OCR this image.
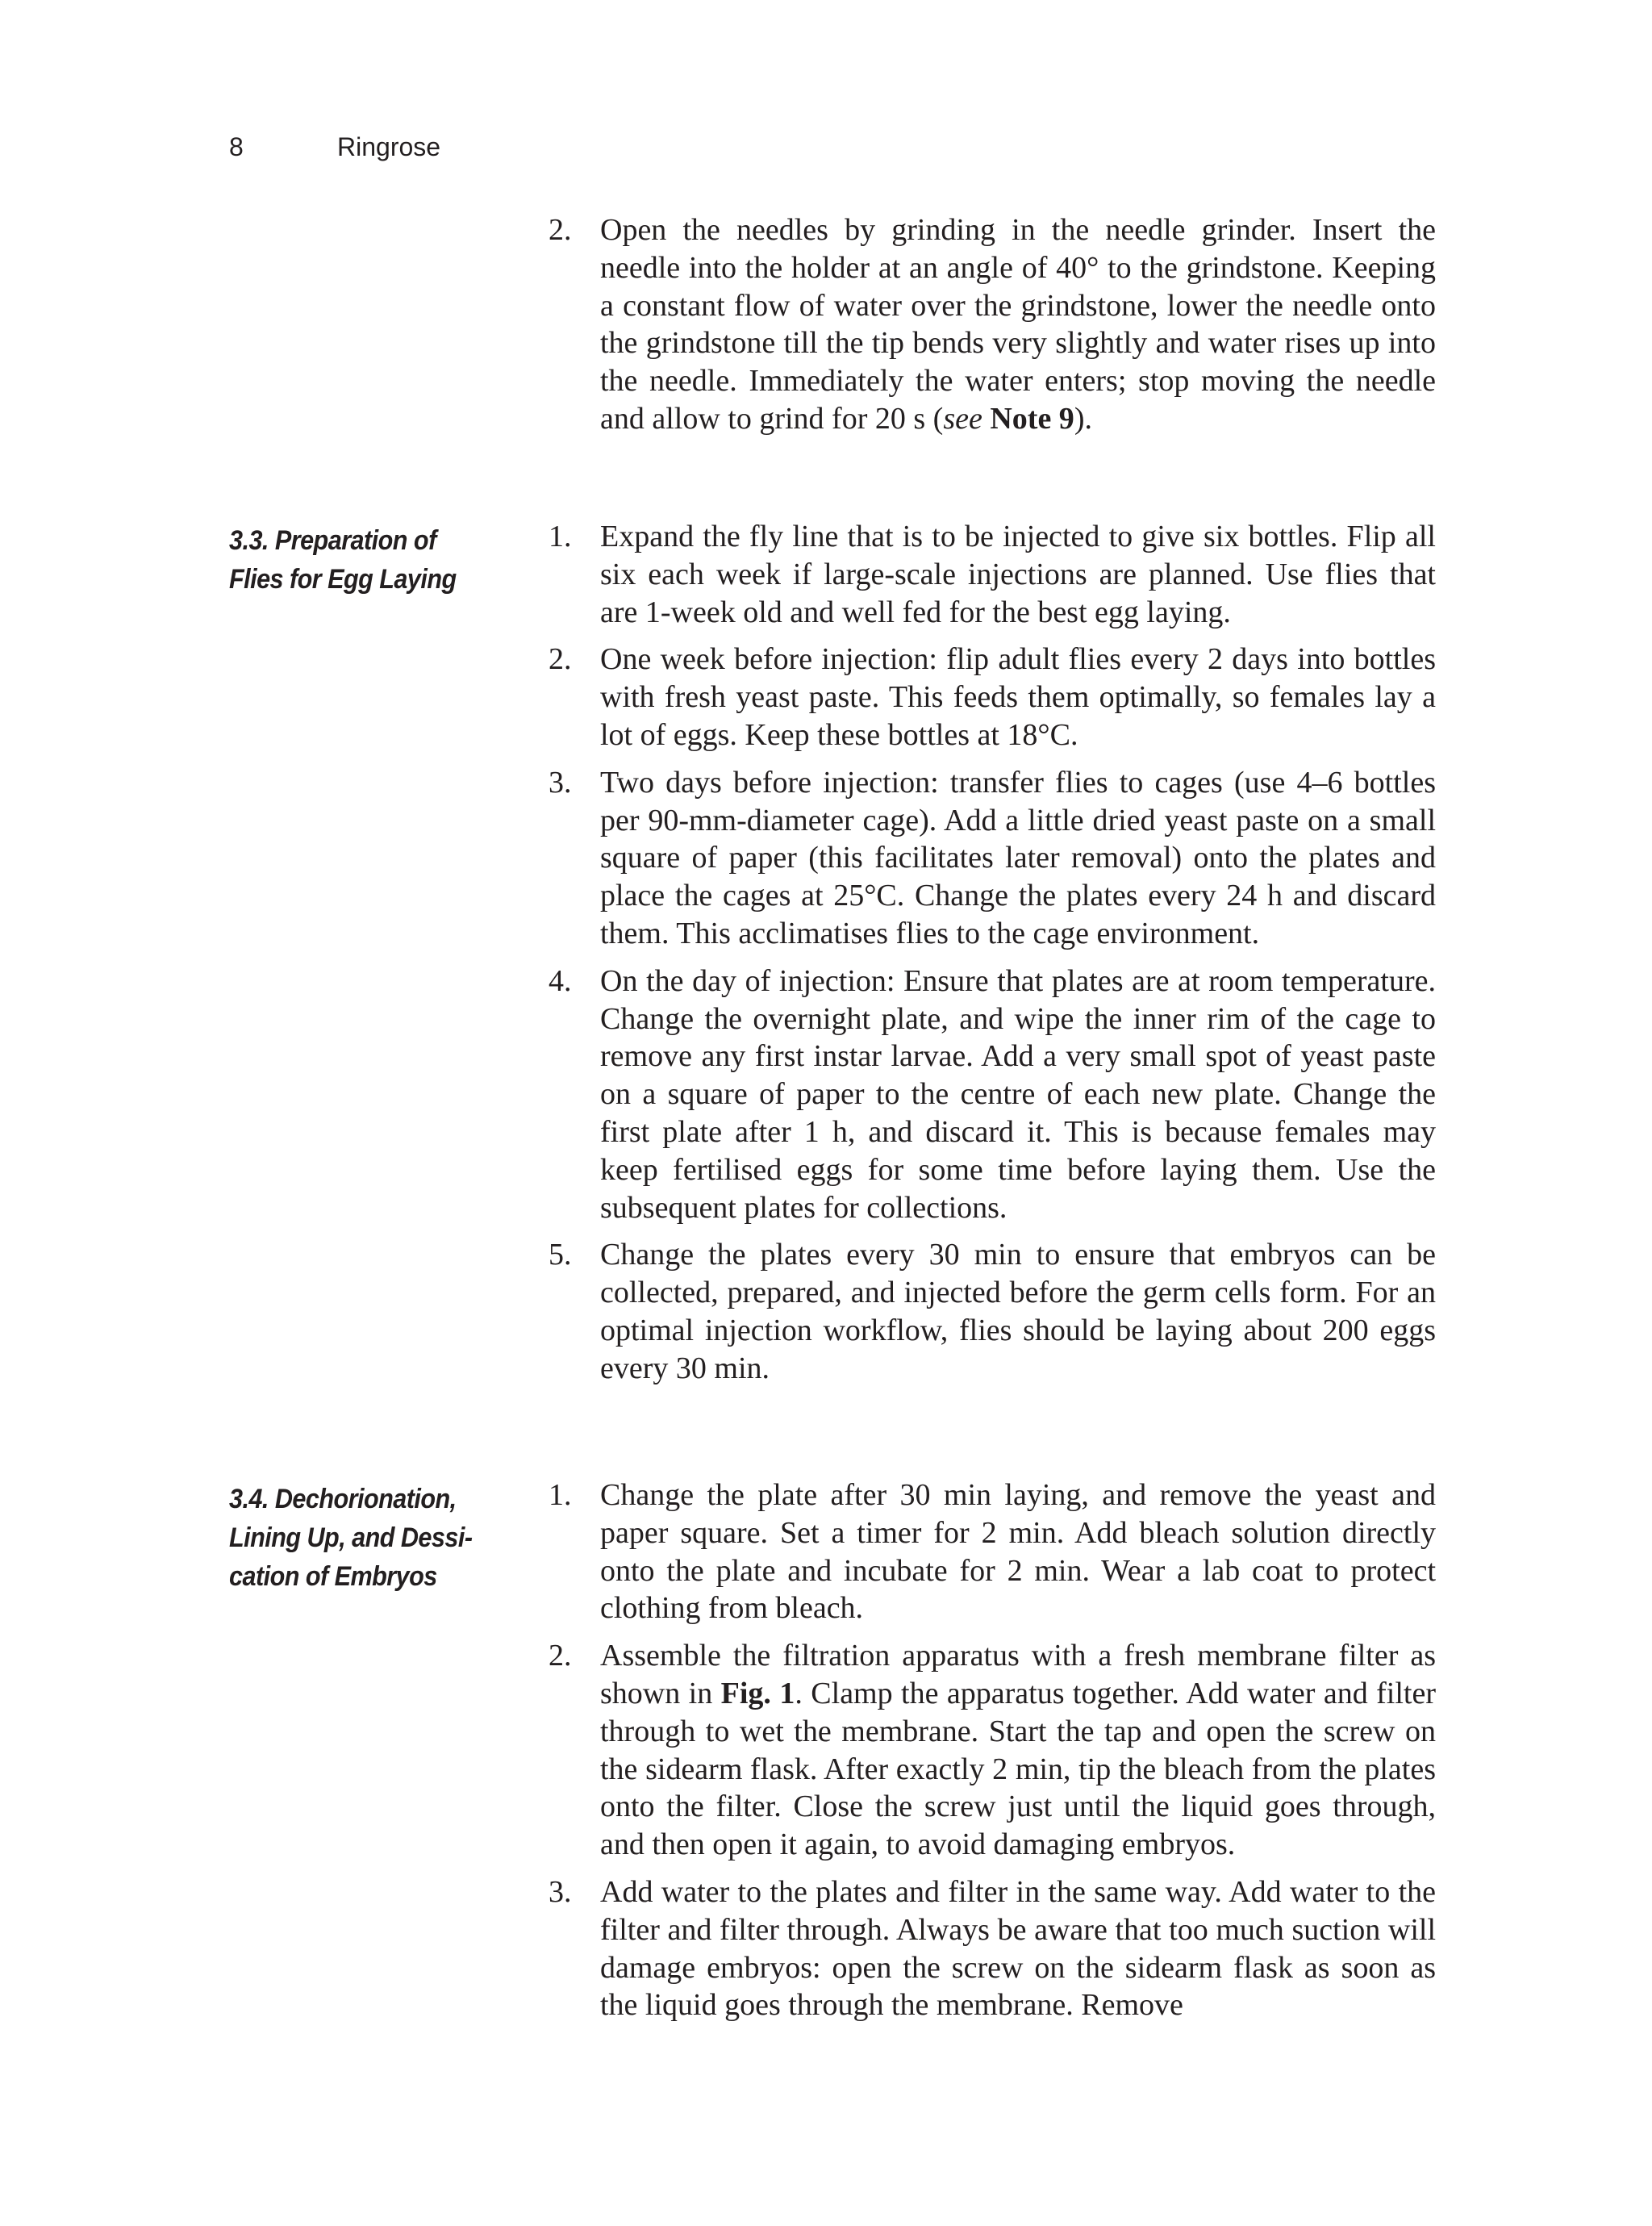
8	Ringrose
2. Open the needles by grinding in the needle grinder. Insert the needle into the holder at an angle of 40° to the grindstone. Keeping a constant flow of water over the grindstone, lower the needle onto the grindstone till the tip bends very slightly and water rises up into the needle. Immediately the water enters; stop moving the needle and allow to grind for 20 s (see Note 9).
3.3. Preparation of
Flies for Egg Laying
1. Expand the fly line that is to be injected to give six bottles. Flip all six each week if large-scale injections are planned. Use flies that are 1-week old and well fed for the best egg laying.
2. One week before injection: flip adult flies every 2 days into bottles with fresh yeast paste. This feeds them optimally, so females lay a lot of eggs. Keep these bottles at 18°C.
3. Two days before injection: transfer flies to cages (use 4–6 bottles per 90-mm-diameter cage). Add a little dried yeast paste on a small square of paper (this facilitates later removal) onto the plates and place the cages at 25°C. Change the plates every 24 h and discard them. This acclimatises flies to the cage environment.
4. On the day of injection: Ensure that plates are at room temperature. Change the overnight plate, and wipe the inner rim of the cage to remove any first instar larvae. Add a very small spot of yeast paste on a square of paper to the centre of each new plate. Change the first plate after 1 h, and discard it. This is because females may keep fertilised eggs for some time before laying them. Use the subsequent plates for collections.
5. Change the plates every 30 min to ensure that embryos can be collected, prepared, and injected before the germ cells form. For an optimal injection workflow, flies should be laying about 200 eggs every 30 min.
3.4. Dechorionation,
Lining Up, and Dessi-
cation of Embryos
1. Change the plate after 30 min laying, and remove the yeast and paper square. Set a timer for 2 min. Add bleach solution directly onto the plate and incubate for 2 min. Wear a lab coat to protect clothing from bleach.
2. Assemble the filtration apparatus with a fresh membrane filter as shown in Fig. 1. Clamp the apparatus together. Add water and filter through to wet the membrane. Start the tap and open the screw on the sidearm flask. After exactly 2 min, tip the bleach from the plates onto the filter. Close the screw just until the liquid goes through, and then open it again, to avoid damaging embryos.
3. Add water to the plates and filter in the same way. Add water to the filter and filter through. Always be aware that too much suction will damage embryos: open the screw on the sidearm flask as soon as the liquid goes through the membrane. Remove
